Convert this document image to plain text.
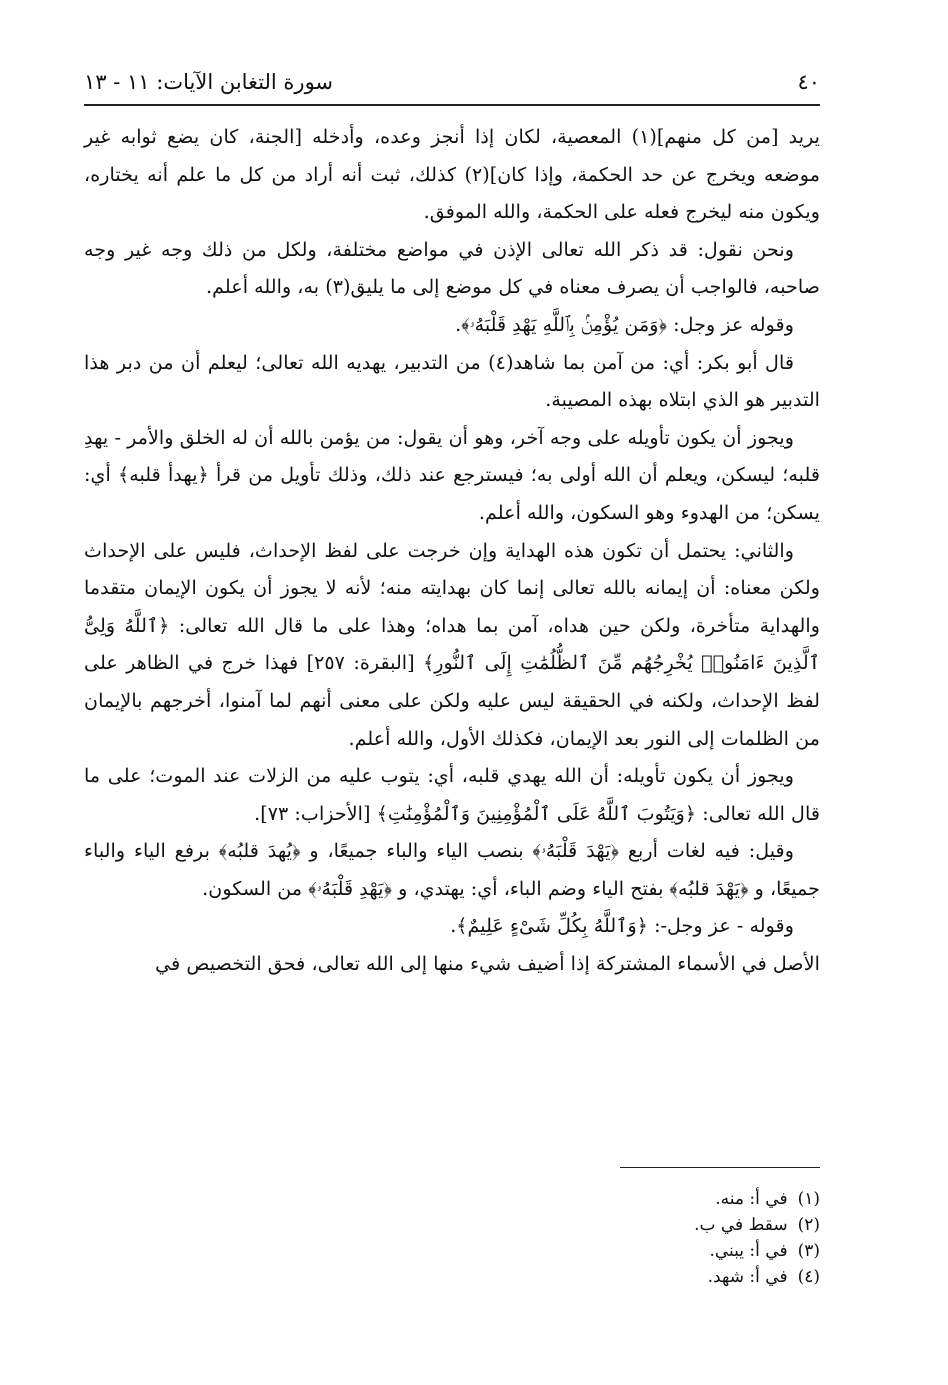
٤٠
سورة التغابن الآيات: ١١ - ١٣

يريد [من كل منهم](١) المعصية، لكان إذا أنجز وعده، وأدخله [الجنة، كان يضع ثوابه غير موضعه ويخرج عن حد الحكمة، وإذا كان](٢) كذلك، ثبت أنه أراد من كل ما علم أنه يختاره، ويكون منه ليخرج فعله على الحكمة، والله الموفق.

ونحن نقول: قد ذكر الله تعالى الإذن في مواضع مختلفة، ولكل من ذلك وجه غير وجه صاحبه، فالواجب أن يصرف معناه في كل موضع إلى ما يليق(٣) به، والله أعلم.

وقوله عز وجل: ﴿وَمَن يُؤْمِنۢ بِٱللَّهِ يَهْدِ قَلْبَهُۥ﴾.

قال أبو بكر: أي: من آمن بما شاهد(٤) من التدبير، يهديه الله تعالى؛ ليعلم أن من دبر هذا التدبير هو الذي ابتلاه بهذه المصيبة.

ويجوز أن يكون تأويله على وجه آخر، وهو أن يقول: من يؤمن بالله أن له الخلق والأمر - يهدِ قلبه؛ ليسكن، ويعلم أن الله أولى به؛ فيسترجع عند ذلك، وذلك تأويل من قرأ ﴿يهدأ قلبه﴾ أي: يسكن؛ من الهدوء وهو السكون، والله أعلم.

والثاني: يحتمل أن تكون هذه الهداية وإن خرجت على لفظ الإحداث، فليس على الإحداث ولكن معناه: أن إيمانه بالله تعالى إنما كان بهدايته منه؛ لأنه لا يجوز أن يكون الإيمان متقدما والهداية متأخرة، ولكن حين هداه، آمن بما هداه؛ وهذا على ما قال الله تعالى: ﴿ٱللَّهُ وَلِىُّ ٱلَّذِينَ ءَامَنُوا۟ يُخْرِجُهُم مِّنَ ٱلظُّلُمَٰتِ إِلَى ٱلنُّورِ﴾ [البقرة: ٢٥٧] فهذا خرج في الظاهر على لفظ الإحداث، ولكنه في الحقيقة ليس عليه ولكن على معنى أنهم لما آمنوا، أخرجهم بالإيمان من الظلمات إلى النور بعد الإيمان، فكذلك الأول، والله أعلم.

ويجوز أن يكون تأويله: أن الله يهدي قلبه، أي: يتوب عليه من الزلات عند الموت؛ على ما قال الله تعالى: ﴿وَيَتُوبَ ٱللَّهُ عَلَى ٱلْمُؤْمِنِينَ وَٱلْمُؤْمِنَٰتِ﴾ [الأحزاب: ٧٣].

وقيل: فيه لغات أربع ﴿يَهْدَ قَلْبَهُۥ﴾ بنصب الياء والباء جميعًا، و ﴿يُهدَ قلبُه﴾ برفع الياء والباء جميعًا، و ﴿يَهْدَ قلبُه﴾ بفتح الياء وضم الباء، أي: يهتدي، و ﴿يَهْدِ قَلْبَهُۥ﴾ من السكون.

وقوله - عز وجل-: ﴿وَٱللَّهُ بِكُلِّ شَىْءٍ عَلِيمٌ﴾.

الأصل في الأسماء المشتركة إذا أضيف شيء منها إلى الله تعالى، فحق التخصيص في

(١)
في أ: منه.
(٢)
سقط في ب.
(٣)
في أ: يبني.
(٤)
في أ: شهد.
